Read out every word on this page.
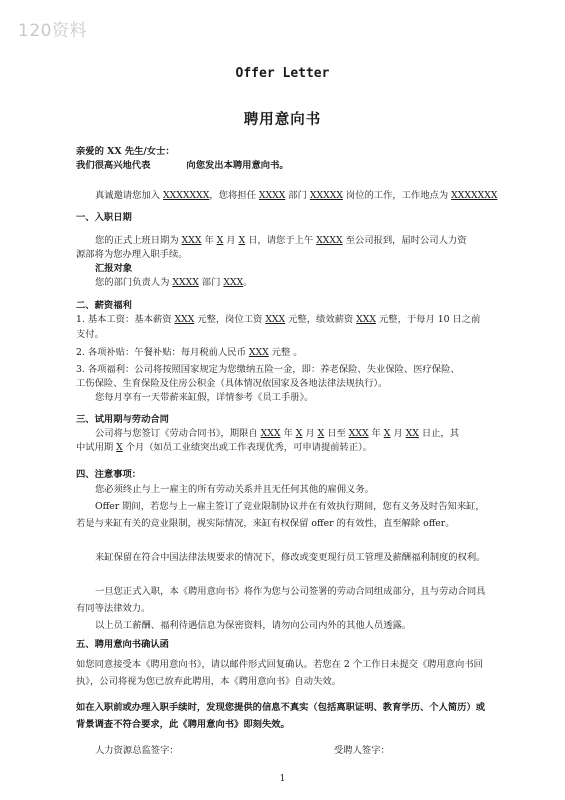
120资料
Offer Letter
聘用意向书
亲爱的 XX 先生/女士：
我们很高兴地代表	向您发出本聘用意向书。
真诚邀请您加入 XXXXXXX，您将担任 XXXX 部门 XXXXX 岗位的工作，工作地点为 XXXXXXX
一、入职日期
您的正式上班日期为 XXX 年 X 月 X 日，请您于上午 XXXX 至公司报到，届时公司人力资
源部将为您办理入职手续。
汇报对象
您的部门负责人为 XXXX 部门 XXX。
二、薪资福利
1. 基本工资：基本薪资 XXX 元整，岗位工资 XXX 元整，绩效薪资 XXX 元整，于每月 10 日之前
支付。
2. 各项补贴：午餐补贴：每月税前人民币 XXX 元整 。
3. 各项福利：公司将按照国家规定为您缴纳五险一金，即：养老保险、失业保险、医疗保险、
工伤保险、生育保险及住房公积金（具体情况依国家及各地法律法规执行）。
您每月享有一天带薪来缸假，详情参考《员工手册》。
三、试用期与劳动合同
公司将与您签订《劳动合同书》，期限自 XXX 年 X 月 X 日至 XXX 年 X 月 XX 日止，其
中试用期 X 个月（如员工业绩突出或工作表现优秀，可申请提前转正）。
四、注意事项：
您必须终止与上一雇主的所有劳动关系并且无任何其他的雇佣义务。
Offer 期间，若您与上一雇主签订了竞业限制协议并在有效执行期间，您有义务及时告知来缸，若是与来缸有关的竞业限制，视实际情况，来缸有权保留 offer 的有效性，直至解除 offer。
来缸保留在符合中国法律法规要求的情况下，修改或变更现行员工管理及薪酬福利制度的权利。
一旦您正式入职，本《聘用意向书》将作为您与公司签署的劳动合同组成部分，且与劳动合同具有同等法律效力。
以上员工薪酬、福利待遇信息为保密资料，请勿向公司内外的其他人员透露。
五、聘用意向书确认函
如您同意接受本《聘用意向书》，请以邮件形式回复确认。若您在 2 个工作日未提交《聘用意向书回执》，公司将视为您已放弃此聘用，本《聘用意向书》自动失效。
如在入职前或办理入职手续时，发现您提供的信息不真实（包括离职证明、教育学历、个人简历）或背景调查不符合要求，此《聘用意向书》即刻失效。
人力资源总监签字：	受聘人签字：
1
